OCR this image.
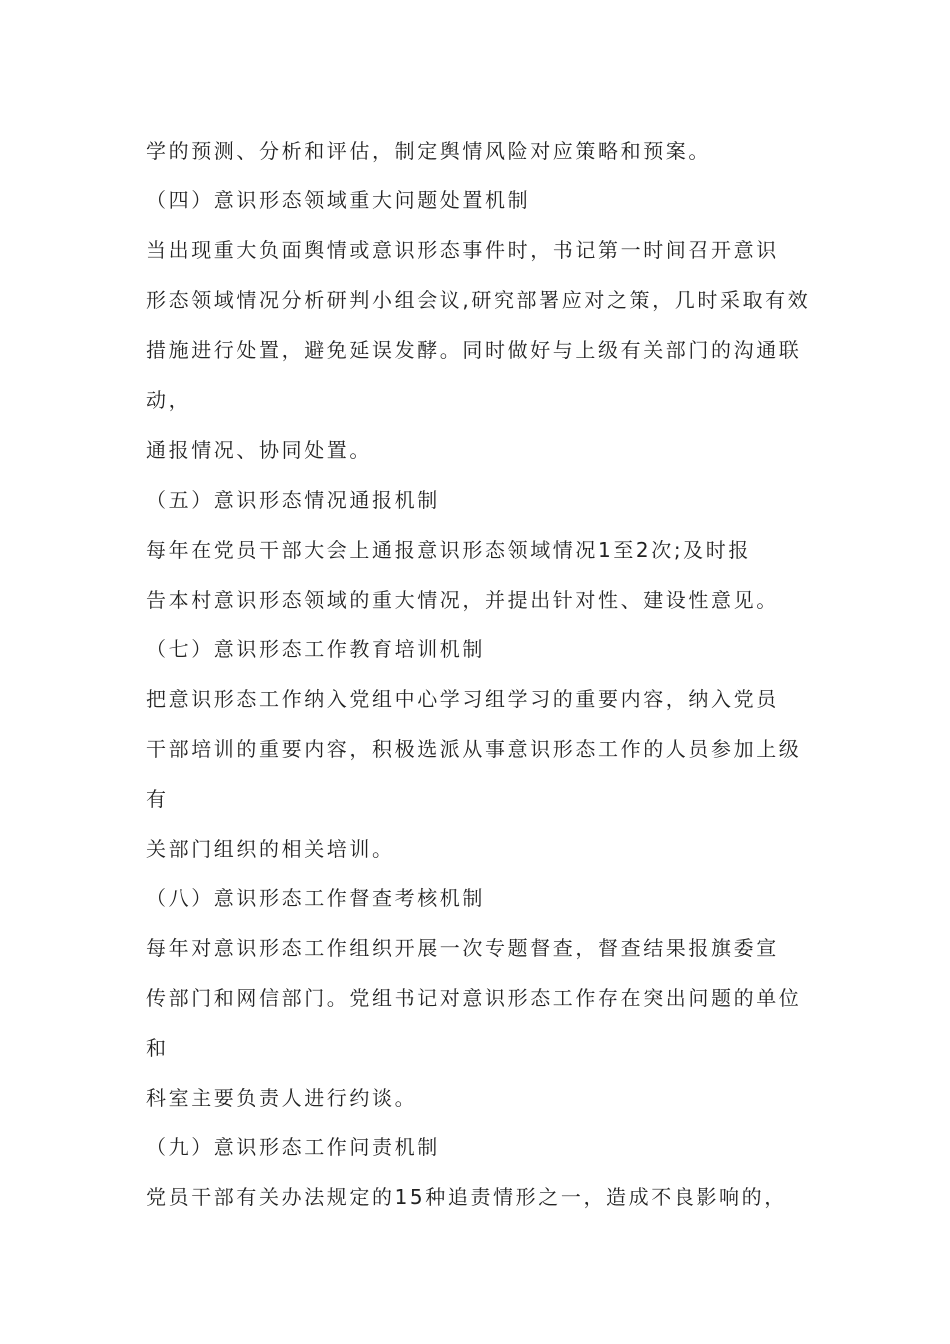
学的预测、分析和评估，制定舆情风险对应策略和预案。
（四）意识形态领域重大问题处置机制
当出现重大负面舆情或意识形态事件时，书记第一时间召开意识
形态领域情况分析研判小组会议,研究部署应对之策，几时采取有效
措施进行处置，避免延误发酵。同时做好与上级有关部门的沟通联
动，
通报情况、协同处置。
（五）意识形态情况通报机制
每年在党员干部大会上通报意识形态领域情况1至2次;及时报
告本村意识形态领域的重大情况，并提出针对性、建设性意见。
（七）意识形态工作教育培训机制
把意识形态工作纳入党组中心学习组学习的重要内容，纳入党员
干部培训的重要内容，积极选派从事意识形态工作的人员参加上级
有
关部门组织的相关培训。
（八）意识形态工作督查考核机制
每年对意识形态工作组织开展一次专题督查，督查结果报旗委宣
传部门和网信部门。党组书记对意识形态工作存在突出问题的单位
和
科室主要负责人进行约谈。
（九）意识形态工作问责机制
党员干部有关办法规定的15种追责情形之一，造成不良影响的，
